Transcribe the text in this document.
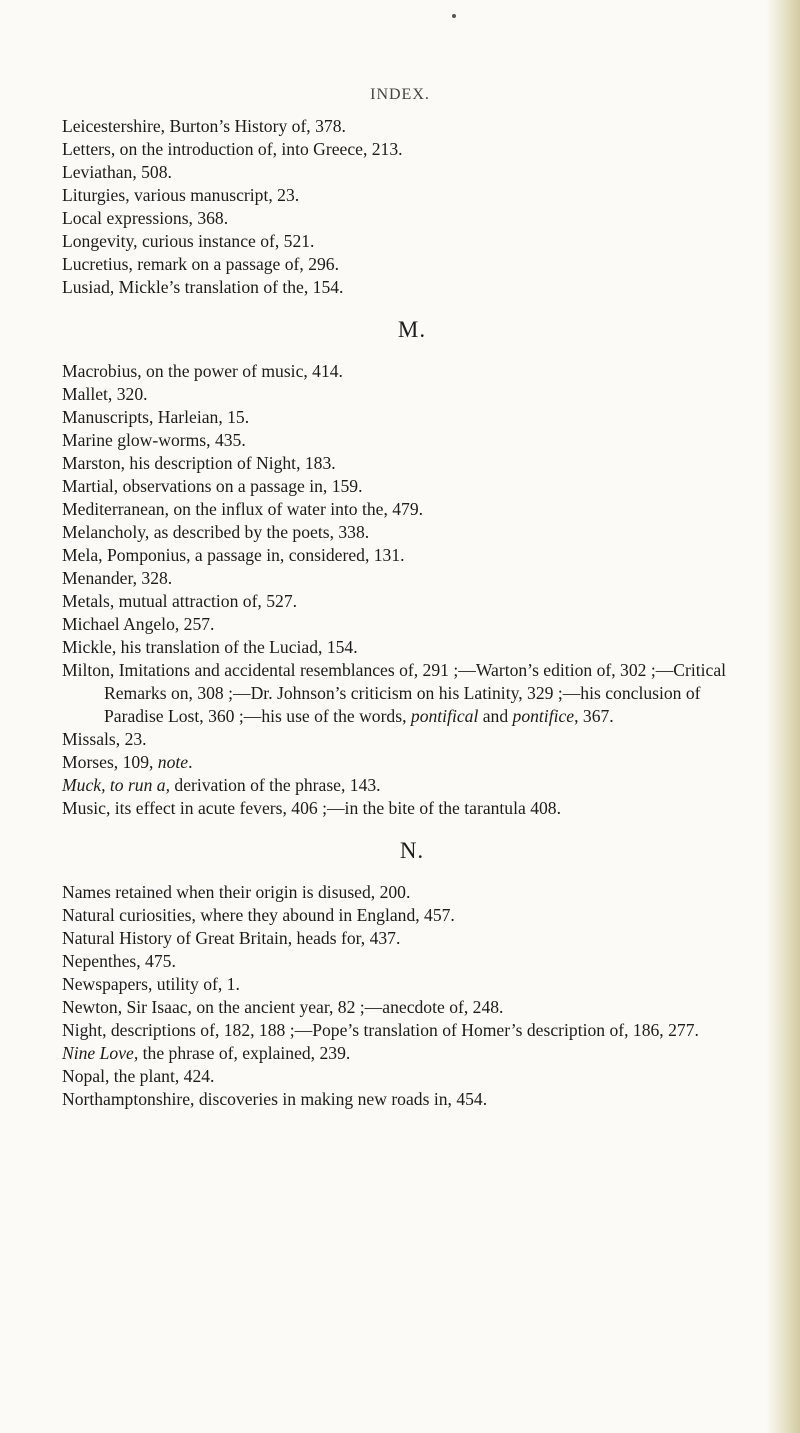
INDEX.

Leicestershire, Burton’s History of, 378.

Letters, on the introduction of, into Greece, 213.

Leviathan, 508.

Liturgies, various manuscript, 23.

Local expressions, 368.

Longevity, curious instance of, 521.

Lucretius, remark on a passage of, 296.

Lusiad, Mickle’s translation of the, 154.

M.

Macrobius, on the power of music, 414.

Mallet, 320.

Manuscripts, Harleian, 15.

Marine glow-worms, 435.

Marston, his description of Night, 183.

Martial, observations on a passage in, 159.

Mediterranean, on the influx of water into the, 479.

Melancholy, as described by the poets, 338.

Mela, Pomponius, a passage in, considered, 131.

Menander, 328.

Metals, mutual attraction of, 527.

Michael Angelo, 257.

Mickle, his translation of the Luciad, 154.

Milton, Imitations and accidental resemblances of, 291 ;—Warton’s edition of, 302 ;—Critical Remarks on, 308 ;—Dr. Johnson’s criticism on his Latinity, 329 ;—his conclusion of Paradise Lost, 360 ;—his use of the words, pontifical and pontifice, 367.

Missals, 23.

Morses, 109, note.

Muck, to run a, derivation of the phrase, 143.

Music, its effect in acute fevers, 406 ;—in the bite of the tarantula 408.

N.

Names retained when their origin is disused, 200.

Natural curiosities, where they abound in England, 457.

Natural History of Great Britain, heads for, 437.

Nepenthes, 475.

Newspapers, utility of, 1.

Newton, Sir Isaac, on the ancient year, 82 ;—anecdote of, 248.

Night, descriptions of, 182, 188 ;—Pope’s translation of Homer’s description of, 186, 277.

Nine Love, the phrase of, explained, 239.

Nopal, the plant, 424.

Northamptonshire, discoveries in making new roads in, 454.
